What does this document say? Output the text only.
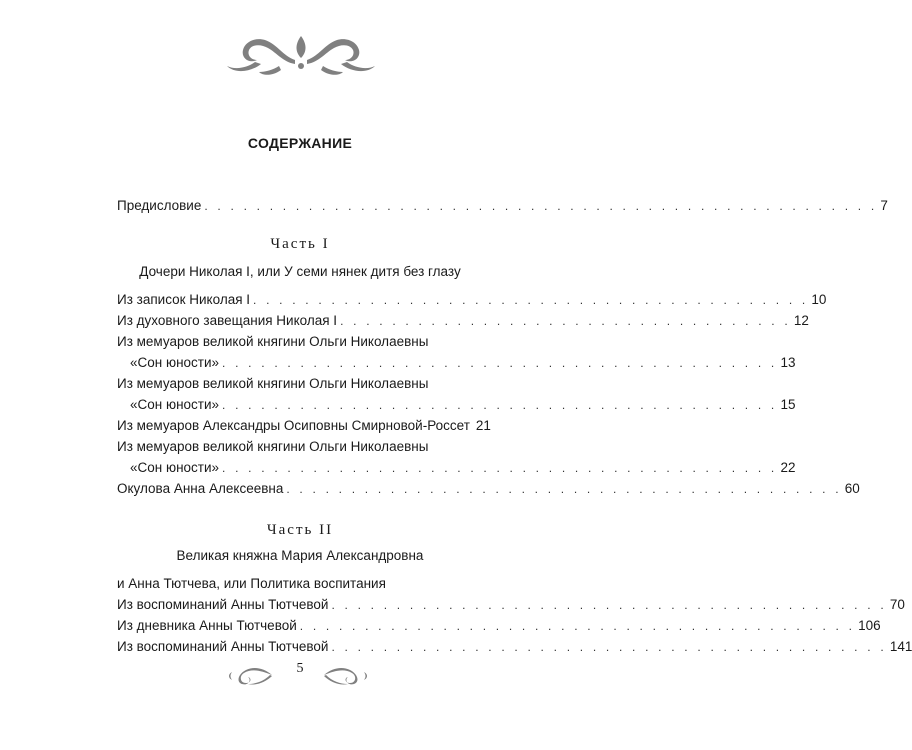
СОДЕРЖАНИЕ
Предисловие . . . . . . . . . . . . . . . . . . . . . . . . . . . . . . . . . . . . . . . . . . . . . . . . . . . . 7
Часть I
Дочери Николая I, или У семи нянек дитя без глазу
Из записок Николая I . . . . . . . . . . . . . . . . . . . . . . . . . . . . . . . . . . . . . . . . . . . 10
Из духовного завещания Николая I . . . . . . . . . . . . . . . . . . . . . . . . . . . . . . . . . . . 12
Из мемуаров великой княгини Ольги Николаевны
«Сон юности» . . . . . . . . . . . . . . . . . . . . . . . . . . . . . . . . . . . . . . . . . . . 13
Из мемуаров великой княгини Ольги Николаевны
«Сон юности» . . . . . . . . . . . . . . . . . . . . . . . . . . . . . . . . . . . . . . . . . . . 15
Из мемуаров Александры Осиповны Смирновой-Россет 21
Из мемуаров великой княгини Ольги Николаевны
«Сон юности» . . . . . . . . . . . . . . . . . . . . . . . . . . . . . . . . . . . . . . . . . . . 22
Окулова Анна Алексеевна . . . . . . . . . . . . . . . . . . . . . . . . . . . . . . . . . . . . . . . . . . . 60
Часть II
Великая княжна Мария Александровна
и Анна Тютчева, или Политика воспитания
Из воспоминаний Анны Тютчевой . . . . . . . . . . . . . . . . . . . . . . . . . . . . . . . . . . . . . . . . . . . 70
Из дневника Анны Тютчевой . . . . . . . . . . . . . . . . . . . . . . . . . . . . . . . . . . . . . . . . . . . 106
Из воспоминаний Анны Тютчевой . . . . . . . . . . . . . . . . . . . . . . . . . . . . . . . . . . . . . . . . . . . 141
5
